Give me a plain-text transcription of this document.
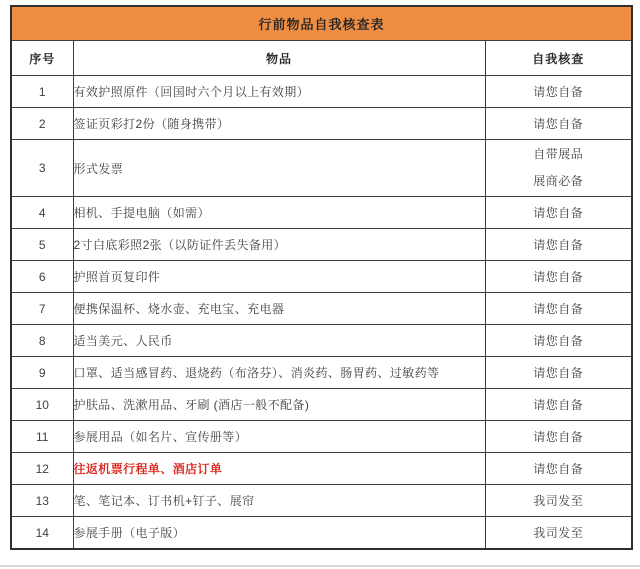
行前物品自我核查表		
序号	物品	自我核查
1	有效护照原件（回国时六个月以上有效期）	请您自备

2	签证页彩打2份（随身携带）	请您自备

3	形式发票	自带展品
展商必备

4	相机、手提电脑（如需）	请您自备

5	2寸白底彩照2张（以防证件丢失备用）	请您自备

6	护照首页复印件	请您自备

7	便携保温杯、烧水壶、充电宝、充电器	请您自备

8	适当美元、人民币	请您自备

9	口罩、适当感冒药、退烧药（布洛芬）、消炎药、肠胃药、过敏药等	请您自备

10	护肤品、洗漱用品、牙刷 (酒店一般不配备)	请您自备

11	参展用品（如名片、宣传册等）	请您自备

12	往返机票行程单、酒店订单	请您自备

13	笔、笔记本、订书机+钉子、展帘	我司发至

14	参展手册（电子版）	我司发至
